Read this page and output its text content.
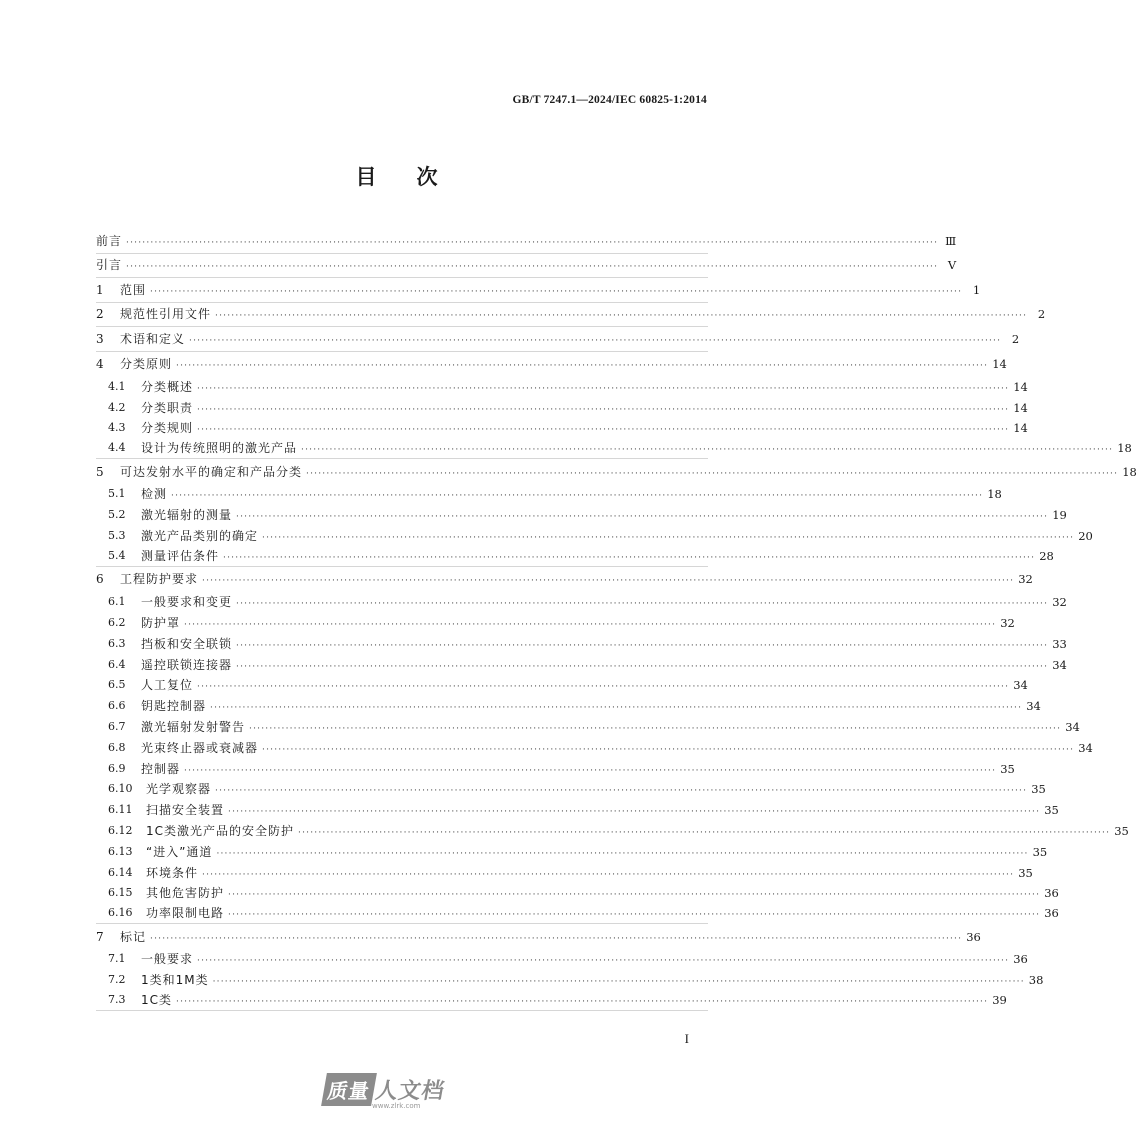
GB/T 7247.1—2024/IEC 60825-1:2014
目次
前言 ········································································································································································································ Ⅲ
引言 ········································································································································································································ Ⅴ
1	范围 ········································································································································································································ 1
2	规范性引用文件 ········································································································································································································ 2
3	术语和定义 ········································································································································································································ 2
4	分类原则 ········································································································································································································ 14
4.1	分类概述 ········································································································································································································ 14
4.2	分类职责 ········································································································································································································ 14
4.3	分类规则 ········································································································································································································ 14
4.4	设计为传统照明的激光产品 ········································································································································································································ 18
5	可达发射水平的确定和产品分类 ········································································································································································································ 18
5.1	检测 ········································································································································································································ 18
5.2	激光辐射的测量 ········································································································································································································ 19
5.3	激光产品类别的确定 ········································································································································································································ 20
5.4	测量评估条件 ········································································································································································································ 28
6	工程防护要求 ········································································································································································································ 32
6.1	一般要求和变更 ········································································································································································································ 32
6.2	防护罩 ········································································································································································································ 32
6.3	挡板和安全联锁 ········································································································································································································ 33
6.4	遥控联锁连接器 ········································································································································································································ 34
6.5	人工复位 ········································································································································································································ 34
6.6	钥匙控制器 ········································································································································································································ 34
6.7	激光辐射发射警告 ········································································································································································································ 34
6.8	光束终止器或衰减器 ········································································································································································································ 34
6.9	控制器 ········································································································································································································ 35
6.10	光学观察器 ········································································································································································································ 35
6.11	扫描安全装置 ········································································································································································································ 35
6.12	1C类激光产品的安全防护 ········································································································································································································ 35
6.13	“进入”通道 ········································································································································································································ 35
6.14	环境条件 ········································································································································································································ 35
6.15	其他危害防护 ········································································································································································································ 36
6.16	功率限制电路 ········································································································································································································ 36
7	标记 ········································································································································································································ 36
7.1	一般要求 ········································································································································································································ 36
7.2	1类和1M类 ········································································································································································································ 38
7.3	1C类 ········································································································································································································ 39
I
质量 人文档
www.zlrk.com
